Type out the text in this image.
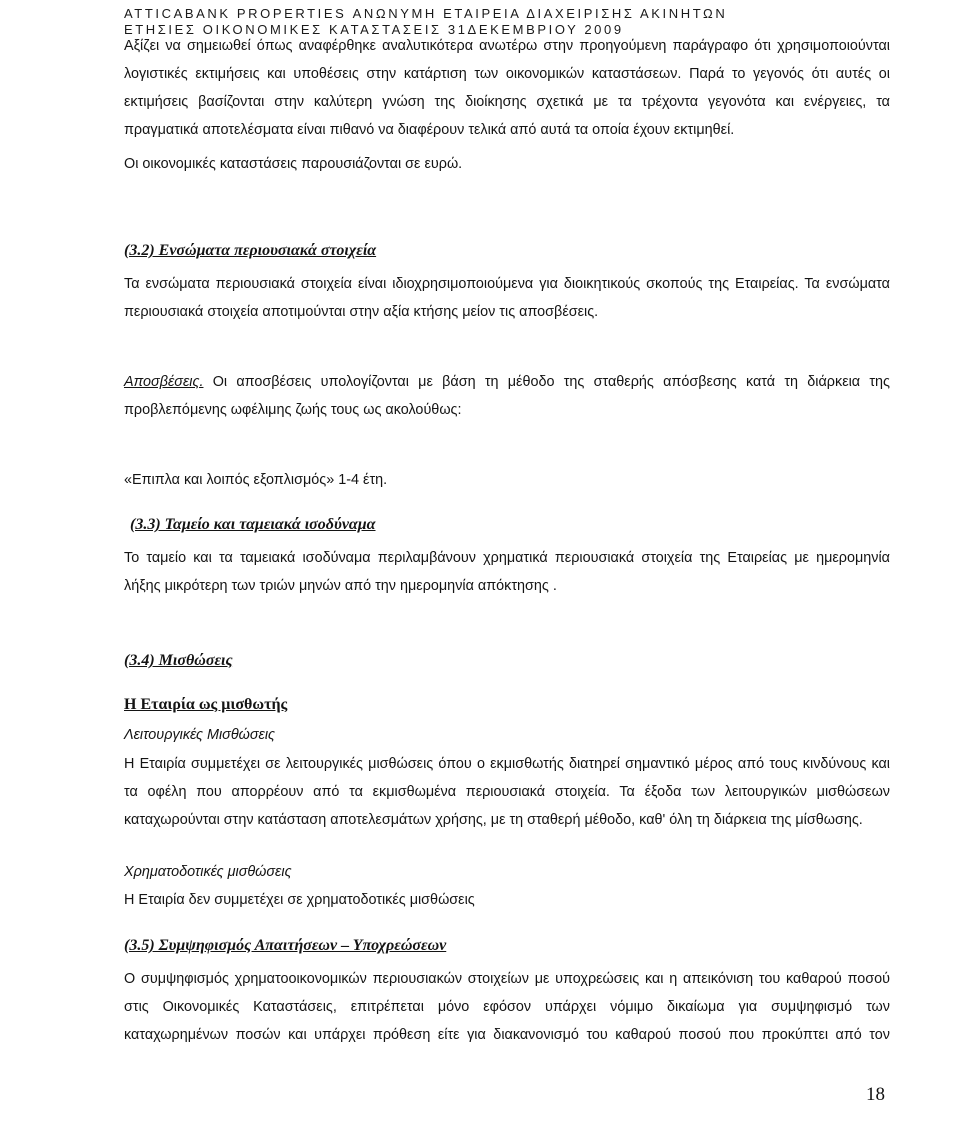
ATTICABANK PROPERTIES ΑΝΩΝΥΜΗ ΕΤΑΙΡΕΙΑ ΔΙΑΧΕΙΡΙΣΗΣ ΑΚΙΝΗΤΩΝ
ΕΤΗΣΙΕΣ ΟΙΚΟΝΟΜΙΚΕΣ ΚΑΤΑΣΤΑΣΕΙΣ 31ΔΕΚΕΜΒΡΙΟΥ 2009
Αξίζει να σημειωθεί όπως αναφέρθηκε αναλυτικότερα ανωτέρω στην προηγούμενη παράγραφο ότι χρησιμοποιούνται
λογιστικές εκτιμήσεις και υποθέσεις στην κατάρτιση των οικονομικών καταστάσεων. Παρά το γεγονός ότι αυτές οι
εκτιμήσεις βασίζονται στην καλύτερη γνώση της διοίκησης σχετικά με τα τρέχοντα γεγονότα και ενέργειες, τα
πραγματικά αποτελέσματα είναι πιθανό να διαφέρουν τελικά από αυτά τα οποία έχουν εκτιμηθεί.
Οι οικονομικές καταστάσεις παρουσιάζονται σε ευρώ.
(3.2) Ενσώματα περιουσιακά στοιχεία
Τα ενσώματα περιουσιακά στοιχεία είναι ιδιοχρησιμοποιούμενα για διοικητικούς σκοπούς της Εταιρείας. Τα ενσώματα
περιουσιακά στοιχεία αποτιμούνται στην αξία κτήσης μείον τις αποσβέσεις.
Αποσβέσεις. Οι αποσβέσεις υπολογίζονται με βάση τη μέθοδο της σταθερής απόσβεσης κατά τη διάρκεια της
προβλεπόμενης ωφέλιμης ζωής τους ως ακολούθως:
«Επιπλα και λοιπός εξοπλισμός» 1-4 έτη.
(3.3) Ταμείο και ταμειακά ισοδύναμα
Το ταμείο και τα ταμειακά ισοδύναμα περιλαμβάνουν χρηματικά περιουσιακά στοιχεία της Εταιρείας με ημερομηνία
λήξης μικρότερη των τριών μηνών από την ημερομηνία απόκτησης .
(3.4) Μισθώσεις
Η Εταιρία ως μισθωτής
Λειτουργικές Μισθώσεις
Η Εταιρία συμμετέχει σε λειτουργικές μισθώσεις όπου ο εκμισθωτής διατηρεί σημαντικό μέρος από τους κινδύνους και
τα οφέλη που απορρέουν από τα εκμισθωμένα περιουσιακά στοιχεία. Τα έξοδα των λειτουργικών μισθώσεων
καταχωρούνται στην κατάσταση αποτελεσμάτων χρήσης, με τη σταθερή μέθοδο, καθ' όλη τη διάρκεια της μίσθωσης.
Χρηματοδοτικές μισθώσεις
Η Εταιρία δεν συμμετέχει σε χρηματοδοτικές μισθώσεις
(3.5) Συμψηφισμός Απαιτήσεων – Υποχρεώσεων
Ο συμψηφισμός χρηματοοικονομικών περιουσιακών στοιχείων με υποχρεώσεις και η απεικόνιση του καθαρού ποσού
στις Οικονομικές Καταστάσεις, επιτρέπεται μόνο εφόσον υπάρχει νόμιμο δικαίωμα για συμψηφισμό των
καταχωρημένων ποσών και υπάρχει πρόθεση είτε για διακανονισμό του καθαρού ποσού που προκύπτει από τον
18
